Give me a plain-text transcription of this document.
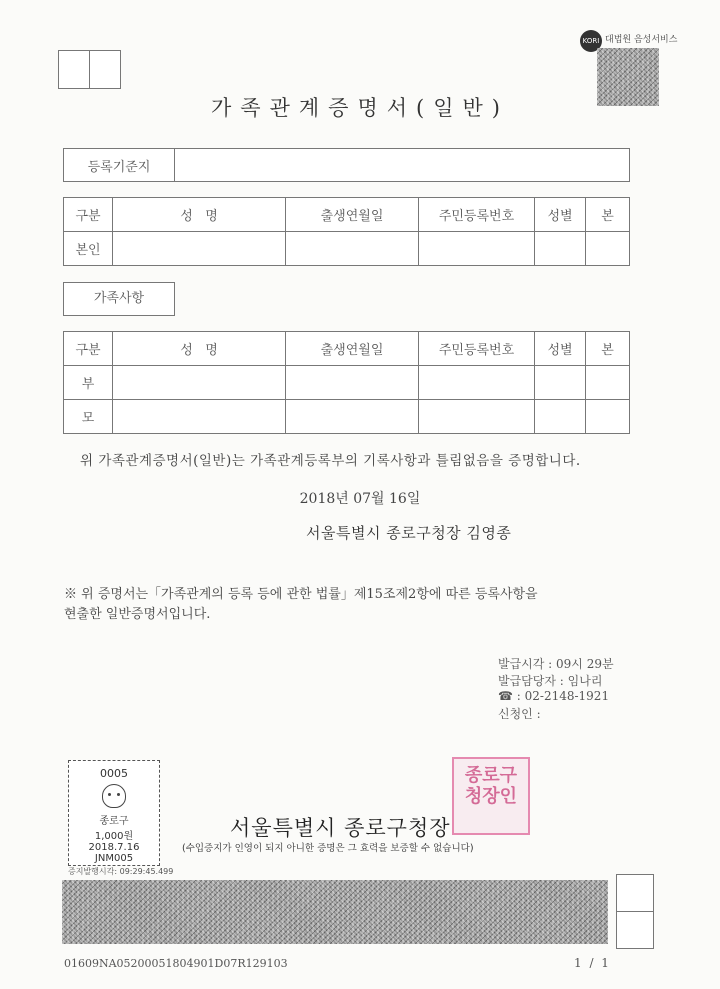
KORI 대법원 음성서비스
가족관계증명서(일반)
등록기준지	
구분	성   명	출생연월일	주민등록번호	성별	본
본인					
가족사항
구분	성   명	출생연월일	주민등록번호	성별	본
부					
모					
위 가족관계증명서(일반)는 가족관계등록부의 기록사항과 틀림없음을 증명합니다.
2018년 07월 16일
서울특별시 종로구청장 김영종
※ 위 증명서는「가족관계의 등록 등에 관한 법률」제15조제2항에 따른 등록사항을
현출한 일반증명서입니다.
발급시각 : 09시 29분
발급담당자 : 임나리
☎ : 02-2148-1921
신청인 :
0005
종로구
1,000원
2018.7.16
JNM005
증지발행시각: 09:29:45.499
종로구청장인
서울특별시 종로구청장
(수입증지가 인영이 되지 아니한 증명은 그 효력을 보증할 수 없습니다)
01609NA05200051804901D07R129103	1 / 1
